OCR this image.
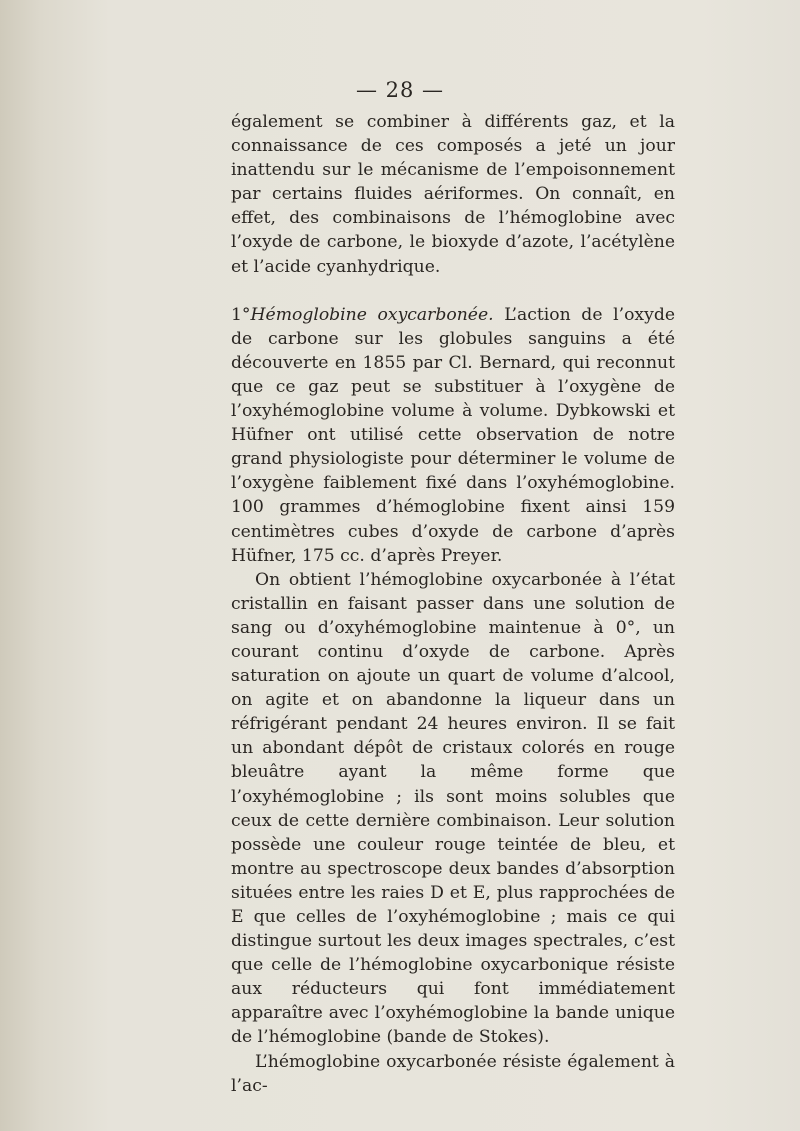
— 28 —

également se combiner à différents gaz, et la connaissance de ces composés a jeté un jour inattendu sur le mécanisme de l’empoisonnement par certains fluides aériformes. On connaît, en effet, des combinaisons de l’hémoglobine avec l’oxyde de carbone, le bioxyde d’azote, l’acétylène et l’acide cyanhydrique.

1°Hémoglobine oxycarbonée. L’action de l’oxyde de carbone sur les globules sanguins a été découverte en 1855 par Cl. Bernard, qui reconnut que ce gaz peut se substituer à l’oxygène de l’oxyhémoglobine volume à volume. Dybkowski et Hüfner ont utilisé cette observation de notre grand physiologiste pour déterminer le volume de l’oxygène faiblement fixé dans l’oxyhémoglobine. 100 grammes d’hémoglobine fixent ainsi 159 centimètres cubes d’oxyde de carbone d’après Hüfner, 175 cc. d’après Preyer.

On obtient l’hémoglobine oxycarbonée à l’état cristallin en faisant passer dans une solution de sang ou d’oxyhémoglobine maintenue à 0°, un courant continu d’oxyde de carbone. Après saturation on ajoute un quart de volume d’alcool, on agite et on abandonne la liqueur dans un réfrigérant pendant 24 heures environ. Il se fait un abondant dépôt de cristaux colorés en rouge bleuâtre ayant la même forme que l’oxyhémoglobine ; ils sont moins solubles que ceux de cette dernière combinaison. Leur solution possède une couleur rouge teintée de bleu, et montre au spectroscope deux bandes d’absorption situées entre les raies D et E, plus rapprochées de E que celles de l’oxyhémoglobine ; mais ce qui distingue surtout les deux images spectrales, c’est que celle de l’hémoglobine oxycarbonique résiste aux réducteurs qui font immédiatement apparaître avec l’oxyhémoglobine la bande unique de l’hémoglobine (bande de Stokes).

L’hémoglobine oxycarbonée résiste également à l’ac-
